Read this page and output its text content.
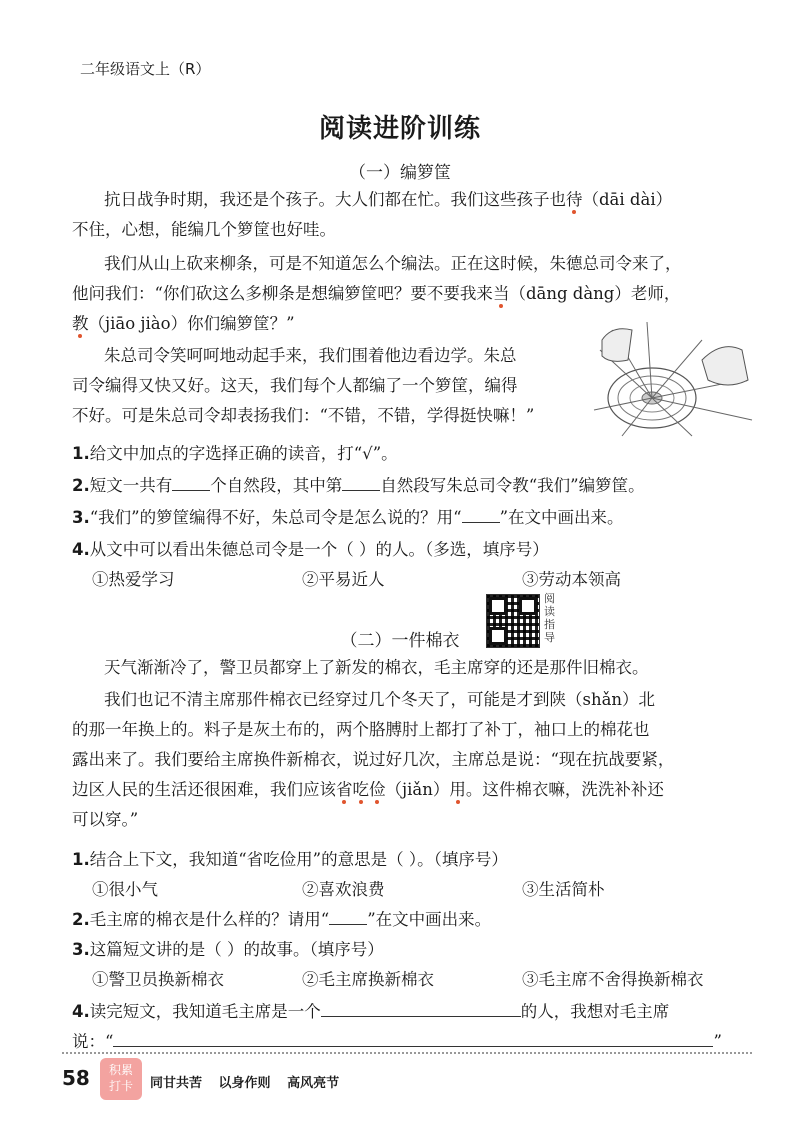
二年级语文上（R）
阅读进阶训练
（一）编箩筐
抗日战争时期，我还是个孩子。大人们都在忙。我们这些孩子也待（dāi dài）
不住，心想，能编几个箩筐也好哇。
我们从山上砍来柳条，可是不知道怎么个编法。正在这时候，朱德总司令来了，
他问我们：“你们砍这么多柳条是想编箩筐吧？要不要我来当（dāng dàng）老师，
教（jiāo jiào）你们编箩筐？”
朱总司令笑呵呵地动起手来，我们围着他边看边学。朱总
司令编得又快又好。这天，我们每个人都编了一个箩筐，编得
不好。可是朱总司令却表扬我们：“不错，不错，学得挺快嘛！”
1.给文中加点的字选择正确的读音，打“√”。
2.短文一共有 个自然段，其中第 自然段写朱总司令教“我们”编箩筐。
3.“我们”的箩筐编得不好，朱总司令是怎么说的？用“ ”在文中画出来。
4.从文中可以看出朱德总司令是一个（ ）的人。（多选，填序号）
①热爱学习	②平易近人	③劳动本领高
阅读指导
（二）一件棉衣
天气渐渐冷了，警卫员都穿上了新发的棉衣，毛主席穿的还是那件旧棉衣。
我们也记不清主席那件棉衣已经穿过几个冬天了，可能是才到陕（shǎn）北
的那一年换上的。料子是灰土布的，两个胳膊肘上都打了补丁，袖口上的棉花也
露出来了。我们要给主席换件新棉衣，说过好几次，主席总是说：“现在抗战要紧，
边区人民的生活还很困难，我们应该省吃俭（jiǎn）用。这件棉衣嘛，洗洗补补还
可以穿。”
1.结合上下文，我知道“省吃俭用”的意思是（ ）。（填序号）
①很小气	②喜欢浪费	③生活简朴
2.毛主席的棉衣是什么样的？请用“ ”在文中画出来。
3.这篇短文讲的是（ ）的故事。（填序号）
①警卫员换新棉衣	②毛主席换新棉衣	③毛主席不舍得换新棉衣
4.读完短文，我知道毛主席是一个	的人，我想对毛主席
说：“	”
58	积累
打卡	同甘共苦 以身作则 高风亮节
